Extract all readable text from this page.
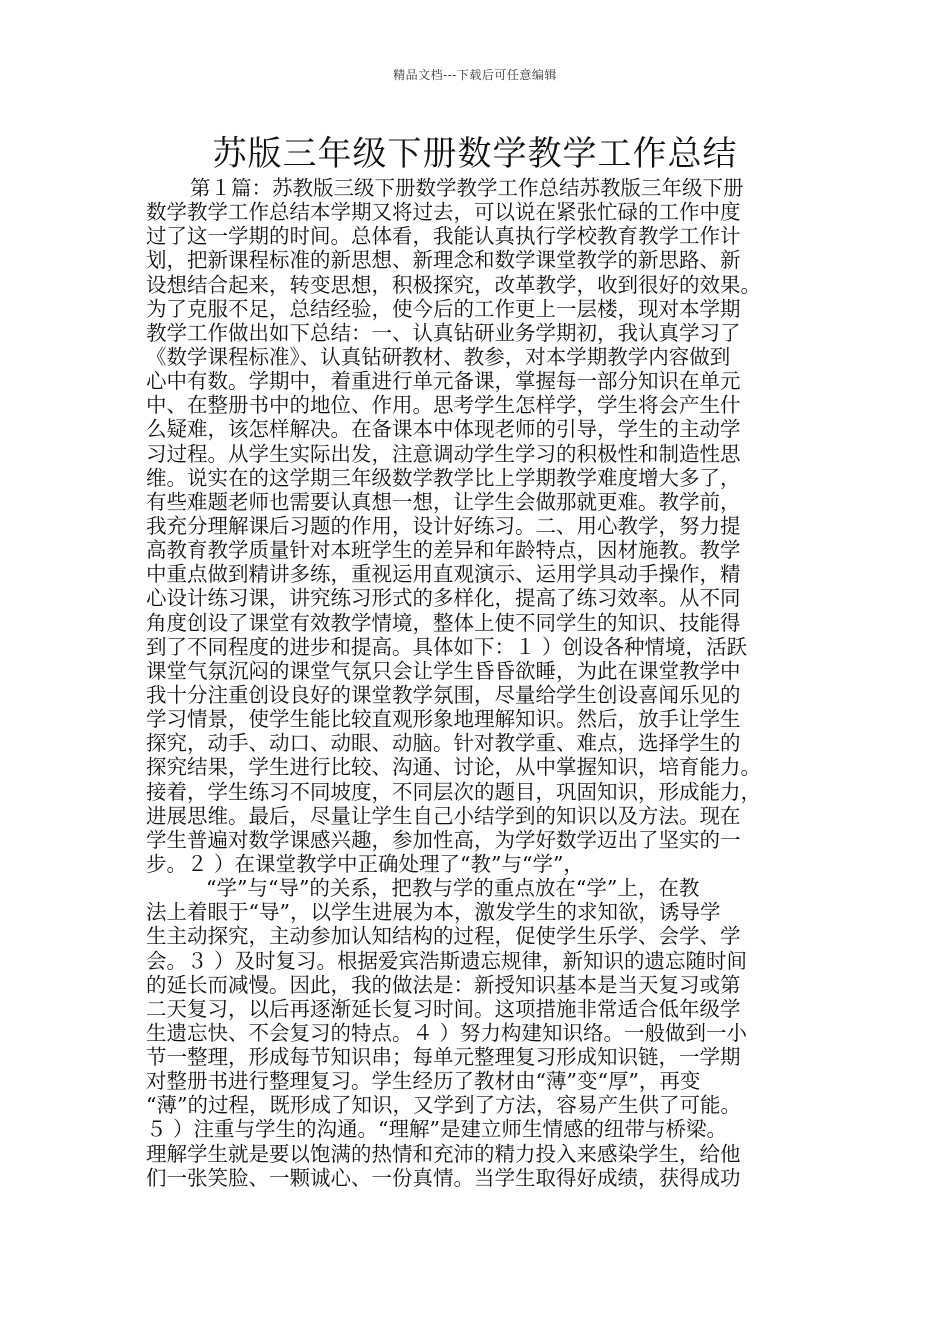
精品文档---下载后可任意编辑
苏版三年级下册数学教学工作总结
第１篇：苏教版三级下册数学教学工作总结苏教版三年级下册
数学教学工作总结本学期又将过去，可以说在紧张忙碌的工作中度
过了这一学期的时间。总体看，我能认真执行学校教育教学工作计
划，把新课程标准的新思想、新理念和数学课堂教学的新思路、新
设想结合起来，转变思想，积极探究，改革教学，收到很好的效果。
为了克服不足，总结经验，使今后的工作更上一层楼，现对本学期
教学工作做出如下总结：一、认真钻研业务学期初，我认真学习了
《数学课程标准》、认真钻研教材、教参，对本学期教学内容做到
心中有数。学期中，着重进行单元备课，掌握每一部分知识在单元
中、在整册书中的地位、作用。思考学生怎样学，学生将会产生什
么疑难，该怎样解决。在备课本中体现老师的引导，学生的主动学
习过程。从学生实际出发，注意调动学生学习的积极性和制造性思
维。说实在的这学期三年级数学教学比上学期教学难度增大多了，
有些难题老师也需要认真想一想，让学生会做那就更难。教学前，
我充分理解课后习题的作用，设计好练习。二、用心教学，努力提
高教育教学质量针对本班学生的差异和年龄特点，因材施教。教学
中重点做到精讲多练，重视运用直观演示、运用学具动手操作，精
心设计练习课，讲究练习形式的多样化，提高了练习效率。从不同
角度创设了课堂有效教学情境，整体上使不同学生的知识、技能得
到了不同程度的进步和提高。具体如下：１ ）创设各种情境，活跃
课堂气氛沉闷的课堂气氛只会让学生昏昏欲睡，为此在课堂教学中
我十分注重创设良好的课堂教学氛围，尽量给学生创设喜闻乐见的
学习情景，使学生能比较直观形象地理解知识。然后，放手让学生
探究，动手、动口、动眼、动脑。针对教学重、难点，选择学生的
探究结果，学生进行比较、沟通、讨论，从中掌握知识，培育能力。
接着，学生练习不同坡度，不同层次的题目，巩固知识，形成能力，
进展思维。最后，尽量让学生自己小结学到的知识以及方法。现在
学生普遍对数学课感兴趣，参加性高，为学好数学迈出了坚实的一
步。２ ）在课堂教学中正确处理了“教”与“学”，
“学”与“导”的关系，把教与学的重点放在“学”上，在教
法上着眼于“导”，以学生进展为本，激发学生的求知欲，诱导学
生主动探究，主动参加认知结构的过程，促使学生乐学、会学、学
会。３ ）及时复习。根据爱宾浩斯遗忘规律，新知识的遗忘随时间
的延长而减慢。因此，我的做法是：新授知识基本是当天复习或第
二天复习，以后再逐渐延长复习时间。这项措施非常适合低年级学
生遗忘快、不会复习的特点。４ ）努力构建知识络。一般做到一小
节一整理，形成每节知识串；每单元整理复习形成知识链，一学期
对整册书进行整理复习。学生经历了教材由“薄”变“厚”，再变
“薄”的过程，既形成了知识，又学到了方法，容易产生供了可能。
５ ）注重与学生的沟通。“理解”是建立师生情感的纽带与桥梁。
理解学生就是要以饱满的热情和充沛的精力投入来感染学生，给他
们一张笑脸、一颗诚心、一份真情。当学生取得好成绩，获得成功
